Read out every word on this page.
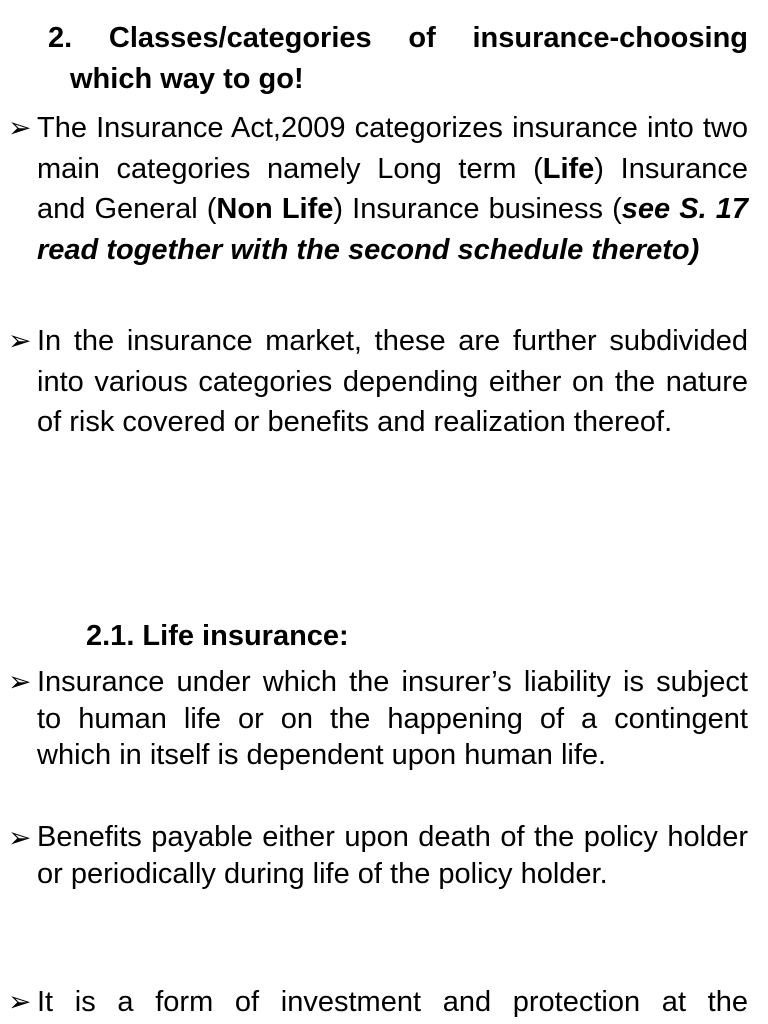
2. Classes/categories of insurance-choosing
which way to go!
➢ The Insurance Act,2009 categorizes insurance into two main categories namely Long term (Life) Insurance and General (Non Life) Insurance business (see S. 17 read together with the second schedule thereto)
➢ In the insurance market, these are further subdivided into various categories depending either on the nature of risk covered or benefits and realization thereof.
2.1. Life insurance:
➢ Insurance under which the insurer’s liability is subject to human life or on the happening of a contingent which in itself is dependent upon human life.
➢ Benefits payable either upon death of the policy holder or periodically during life of the policy holder.
➢ It is a form of investment and protection at the
